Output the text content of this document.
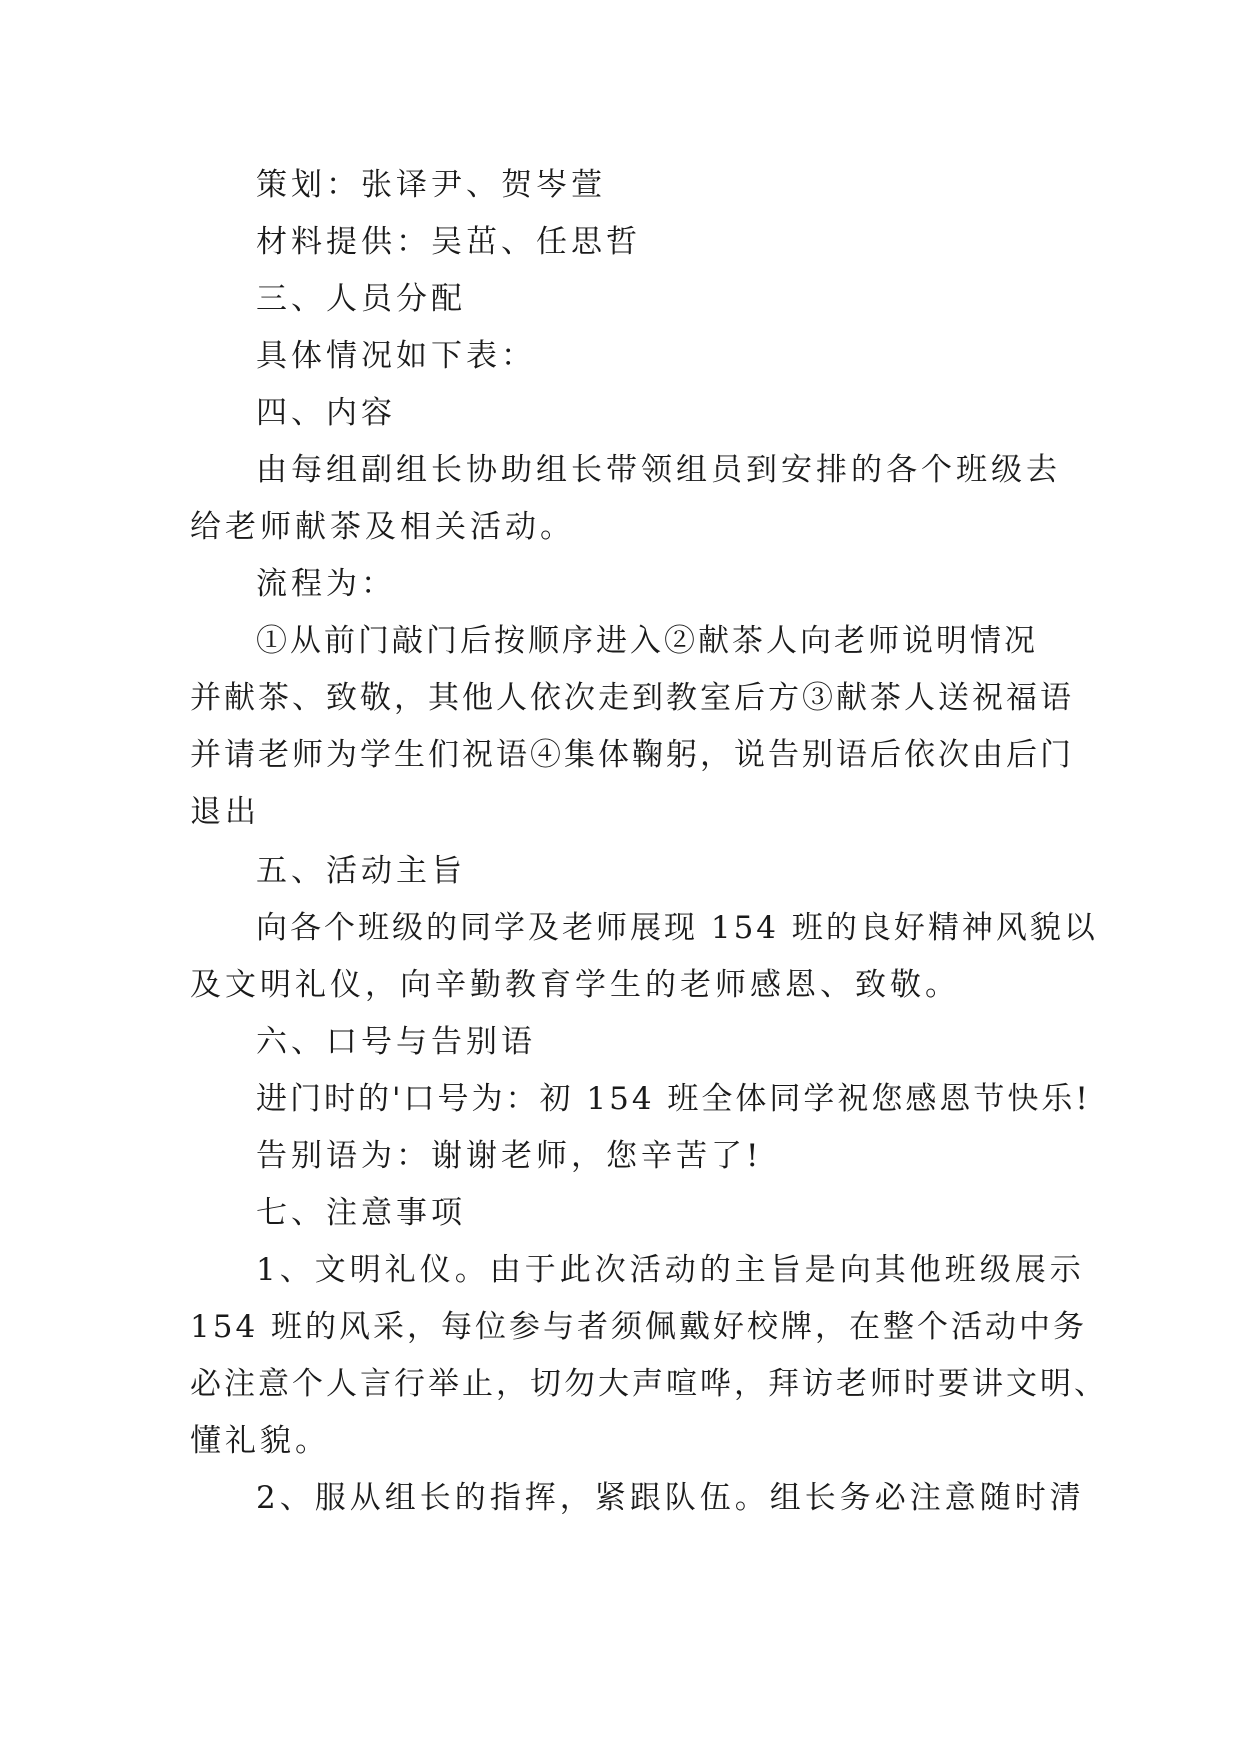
策划：张译尹、贺岑萱
材料提供：吴茁、任思哲
三、人员分配
具体情况如下表：
四、内容
由每组副组长协助组长带领组员到安排的各个班级去
给老师献茶及相关活动。
流程为：
①从前门敲门后按顺序进入②献茶人向老师说明情况
并献茶、致敬，其他人依次走到教室后方③献茶人送祝福语
并请老师为学生们祝语④集体鞠躬，说告别语后依次由后门
退出
五、活动主旨
向各个班级的同学及老师展现 154 班的良好精神风貌以
及文明礼仪，向辛勤教育学生的老师感恩、致敬。
六、口号与告别语
进门时的'口号为：初 154 班全体同学祝您感恩节快乐!
告别语为：谢谢老师，您辛苦了!
七、注意事项
1、文明礼仪。由于此次活动的主旨是向其他班级展示
154 班的风采，每位参与者须佩戴好校牌，在整个活动中务
必注意个人言行举止，切勿大声喧哗，拜访老师时要讲文明、
懂礼貌。
2、服从组长的指挥，紧跟队伍。组长务必注意随时清
